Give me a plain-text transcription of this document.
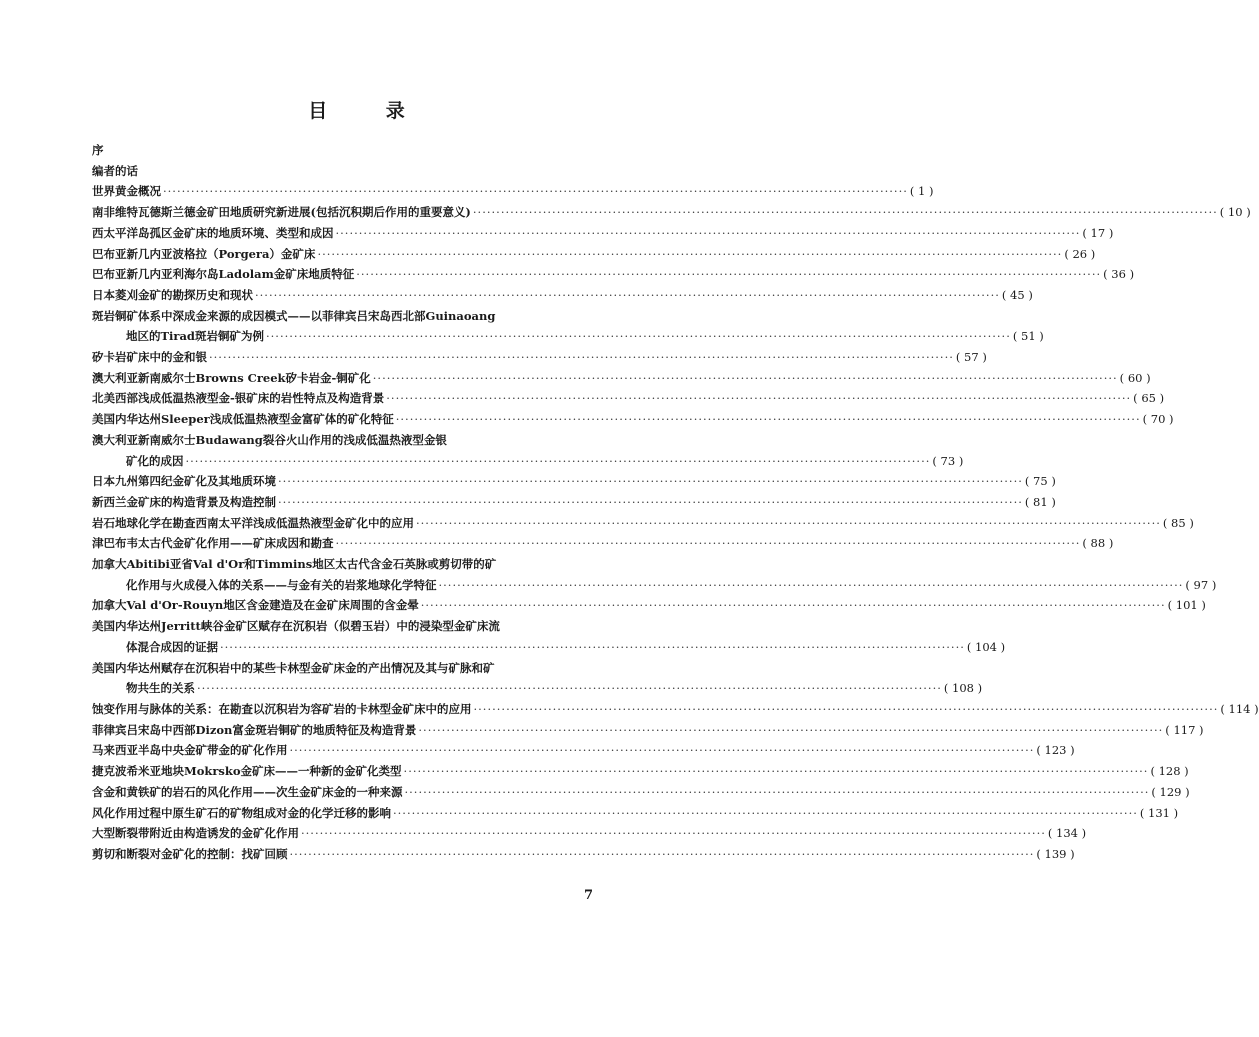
目 录
序
编者的话
世界黄金概况 ·····	( 1 )
南非维特瓦德斯兰德金矿田地质研究新进展(包括沉积期后作用的重要意义) ·····	( 10 )
西太平洋岛孤区金矿床的地质环境、类型和成因 ·····	( 17 )
巴布亚新几内亚波格拉（Porgera）金矿床 ·····	( 26 )
巴布亚新几内亚利海尔岛Ladolam金矿床地质特征 ·····	( 36 )
日本菱刈金矿的勘探历史和现状 ·····	( 45 )
斑岩铜矿体系中深成金来源的成因模式——以菲律宾吕宋岛西北部Guinaoang
地区的Tirad斑岩铜矿为例 ·····	( 51 )
矽卡岩矿床中的金和银 ·····	( 57 )
澳大利亚新南威尔士Browns Creek矽卡岩金-铜矿化 ·····	( 60 )
北美西部浅成低温热液型金-银矿床的岩性特点及构造背景 ·····	( 65 )
美国内华达州Sleeper浅成低温热液型金富矿体的矿化特征 ·····	( 70 )
澳大利亚新南威尔士Budawang裂谷火山作用的浅成低温热液型金银
矿化的成因 ·····	( 73 )
日本九州第四纪金矿化及其地质环境 ·····	( 75 )
新西兰金矿床的构造背景及构造控制 ·····	( 81 )
岩石地球化学在勘查西南太平洋浅成低温热液型金矿化中的应用 ·····	( 85 )
津巴布韦太古代金矿化作用——矿床成因和勘查 ·····	( 88 )
加拿大Abitibi亚省Val d'Or和Timmins地区太古代含金石英脉或剪切带的矿
化作用与火成侵入体的关系——与金有关的岩浆地球化学特征 ·····	( 97 )
加拿大Val d'Or-Rouyn地区含金建造及在金矿床周围的含金晕 ·····	( 101 )
美国内华达州Jerritt峡谷金矿区赋存在沉积岩（似碧玉岩）中的浸染型金矿床流
体混合成因的证据 ·····	( 104 )
美国内华达州赋存在沉积岩中的某些卡林型金矿床金的产出情况及其与矿脉和矿
物共生的关系 ·····	( 108 )
蚀变作用与脉体的关系：在勘查以沉积岩为容矿岩的卡林型金矿床中的应用 ·····	( 114 )
菲律宾吕宋岛中西部Dizon富金斑岩铜矿的地质特征及构造背景 ·····	( 117 )
马来西亚半岛中央金矿带金的矿化作用 ·····	( 123 )
捷克波希米亚地块Mokrsko金矿床——一种新的金矿化类型 ·····	( 128 )
含金和黄铁矿的岩石的风化作用——次生金矿床金的一种来源 ·····	( 129 )
风化作用过程中原生矿石的矿物组成对金的化学迁移的影响 ·····	( 131 )
大型断裂带附近由构造诱发的金矿化作用 ·····	( 134 )
剪切和断裂对金矿化的控制：找矿回顾 ·····	( 139 )
7
